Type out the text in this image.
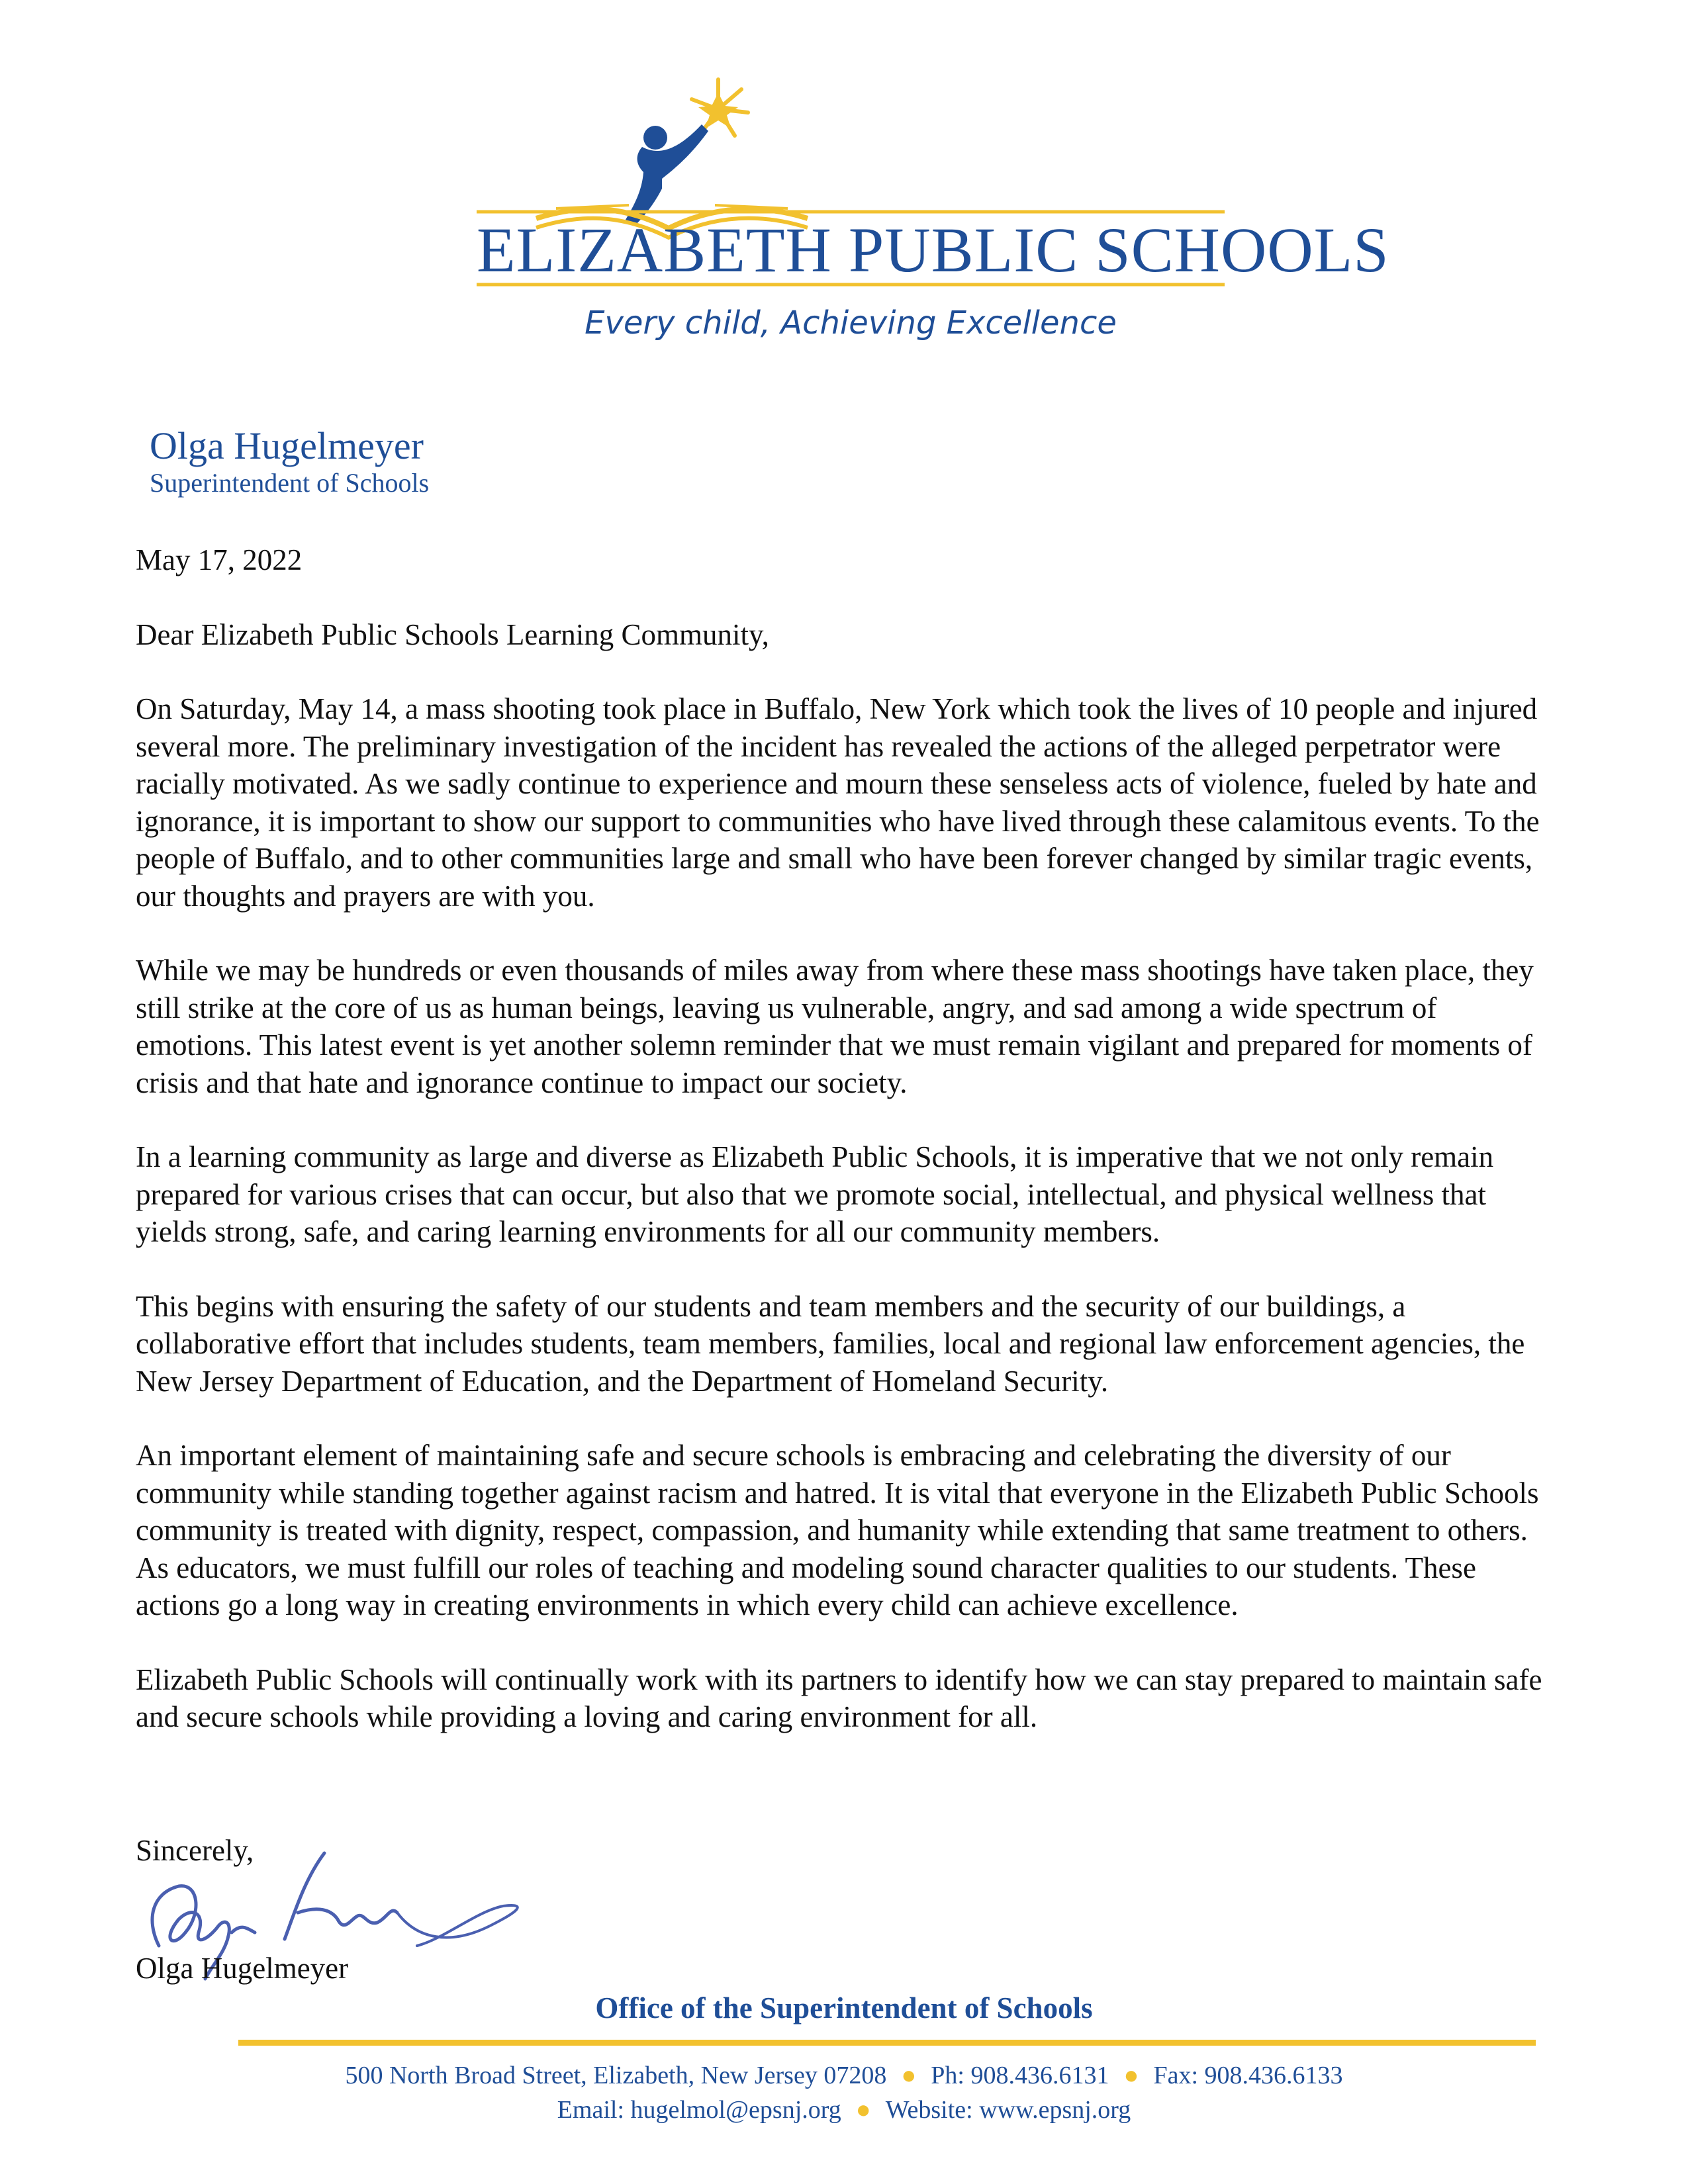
ELIZABETH PUBLIC SCHOOLS
Every child, Achieving Excellence
Olga Hugelmeyer
Superintendent of Schools

May 17, 2022

Dear Elizabeth Public Schools Learning Community,

On Saturday, May 14, a mass shooting took place in Buffalo, New York which took the lives of 10 people and injured several more. The preliminary investigation of the incident has revealed the actions of the alleged perpetrator were racially motivated. As we sadly continue to experience and mourn these senseless acts of violence, fueled by hate and ignorance, it is important to show our support to communities who have lived through these calamitous events. To the people of Buffalo, and to other communities large and small who have been forever changed by similar tragic events, our thoughts and prayers are with you.

While we may be hundreds or even thousands of miles away from where these mass shootings have taken place, they still strike at the core of us as human beings, leaving us vulnerable, angry, and sad among a wide spectrum of emotions. This latest event is yet another solemn reminder that we must remain vigilant and prepared for moments of crisis and that hate and ignorance continue to impact our society.

In a learning community as large and diverse as Elizabeth Public Schools, it is imperative that we not only remain prepared for various crises that can occur, but also that we promote social, intellectual, and physical wellness that yields strong, safe, and caring learning environments for all our community members.

This begins with ensuring the safety of our students and team members and the security of our buildings, a collaborative effort that includes students, team members, families, local and regional law enforcement agencies, the New Jersey Department of Education, and the Department of Homeland Security.

An important element of maintaining safe and secure schools is embracing and celebrating the diversity of our community while standing together against racism and hatred. It is vital that everyone in the Elizabeth Public Schools community is treated with dignity, respect, compassion, and humanity while extending that same treatment to others. As educators, we must fulfill our roles of teaching and modeling sound character qualities to our students. These actions go a long way in creating environments in which every child can achieve excellence.

Elizabeth Public Schools will continually work with its partners to identify how we can stay prepared to maintain safe and secure schools while providing a loving and caring environment for all.

Sincerely,
Olga Hugelmeyer
Office of the Superintendent of Schools
500 North Broad Street, Elizabeth, New Jersey 07208 ● Ph: 908.436.6131 ● Fax: 908.436.6133
Email: hugelmol@epsnj.org ● Website: www.epsnj.org
